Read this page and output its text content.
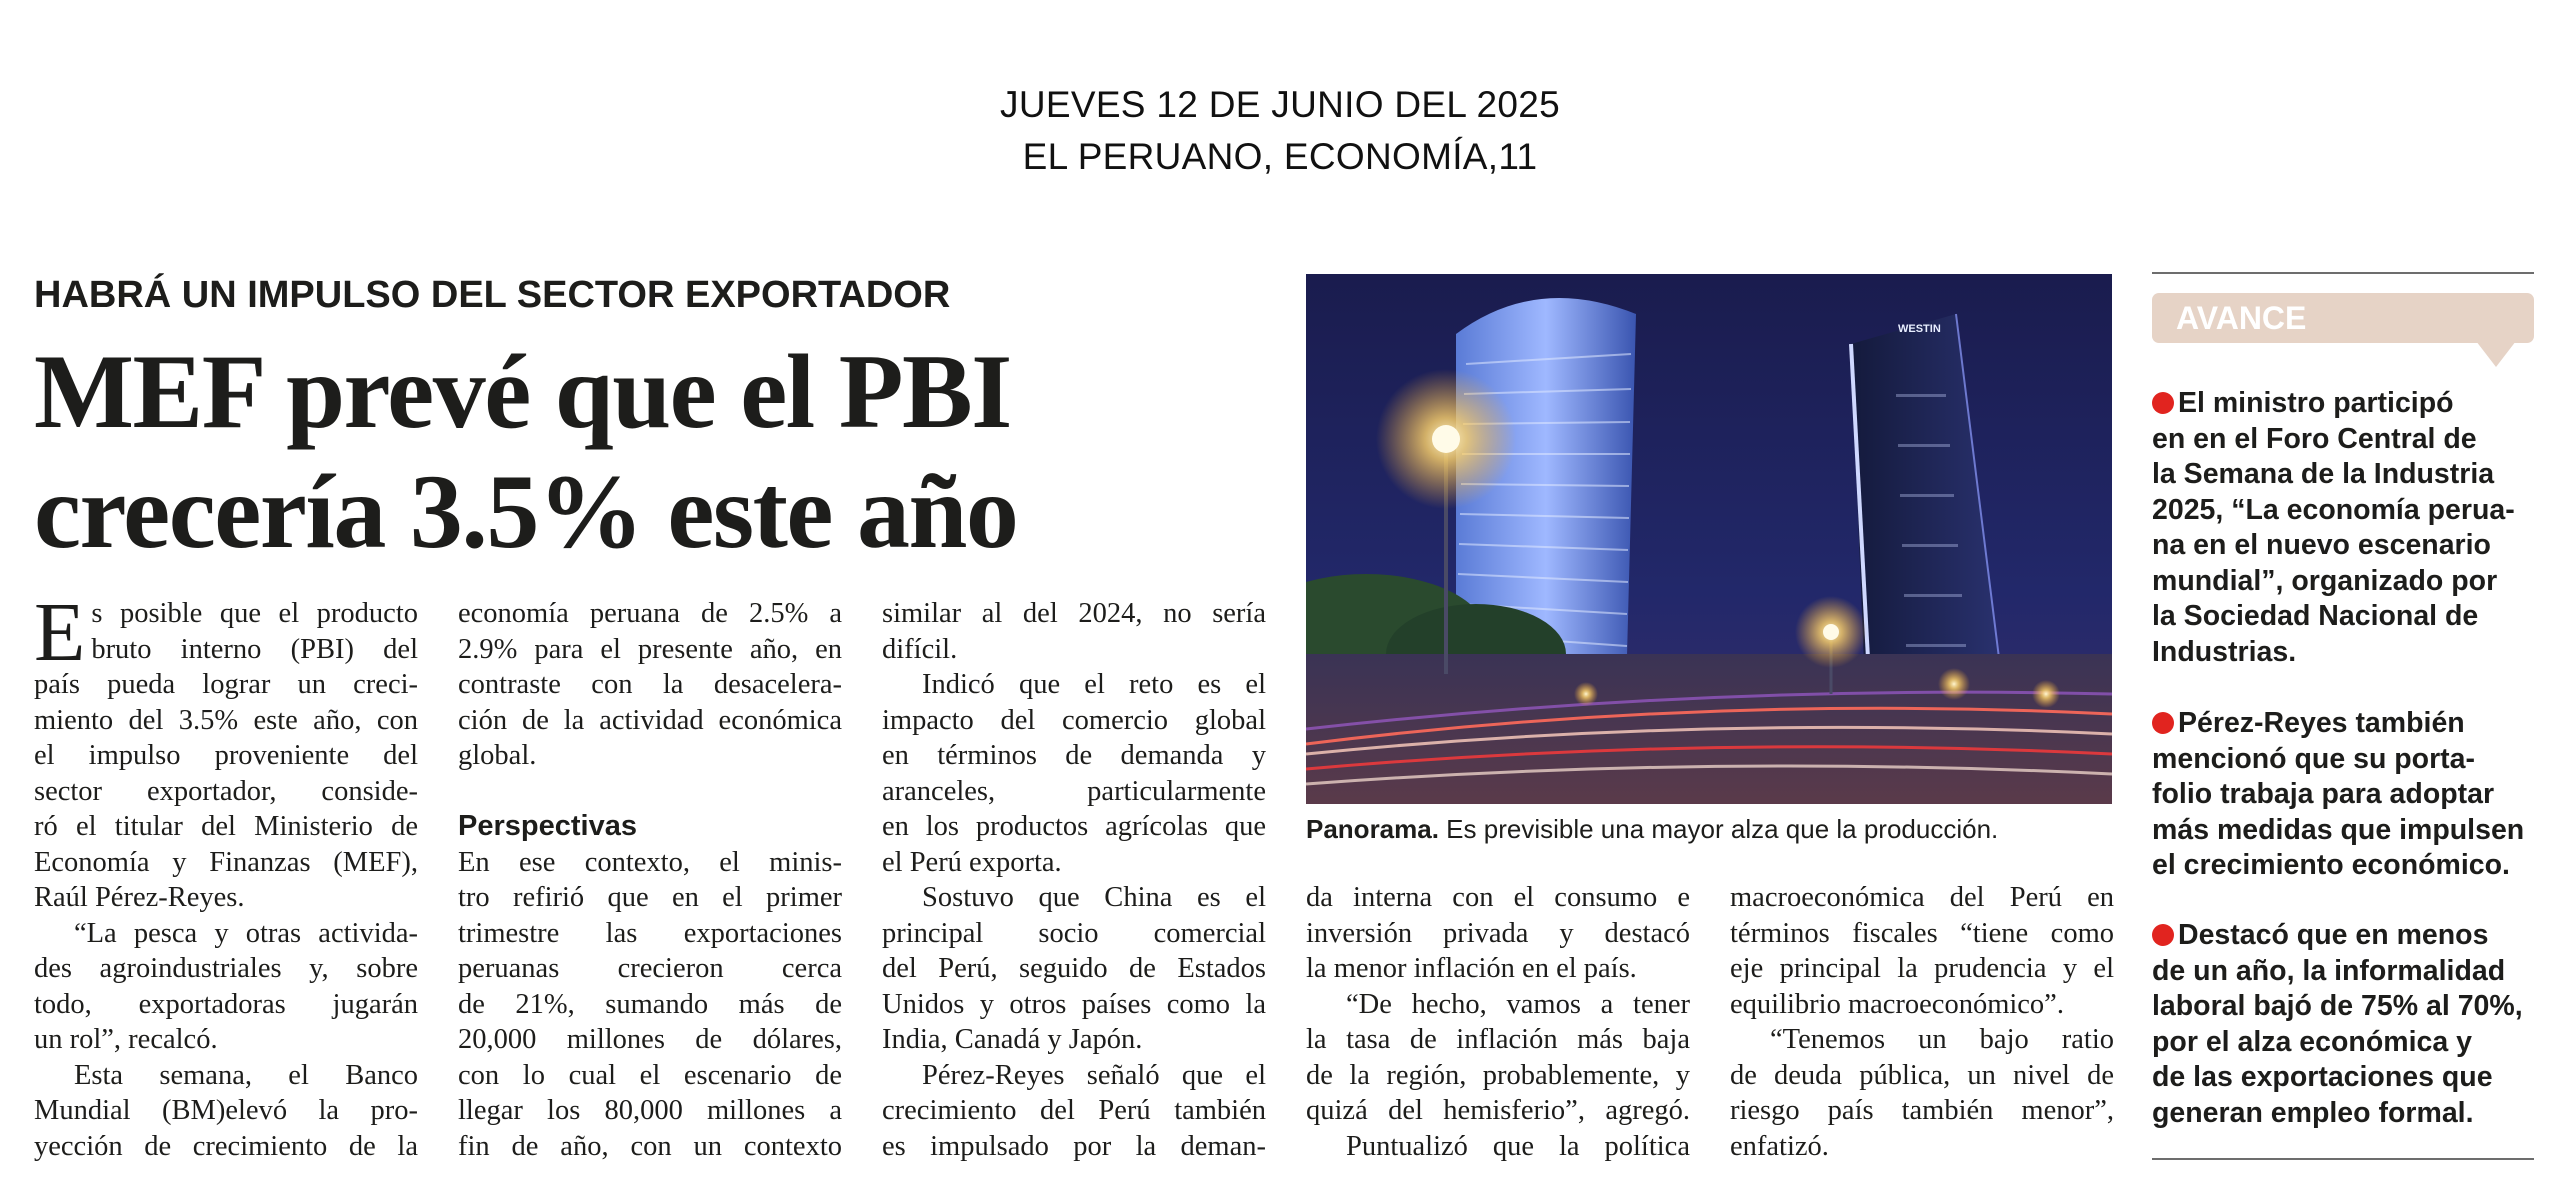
JUEVES 12 DE JUNIO DEL 2025
EL PERUANO, ECONOMÍA,11
HABRÁ UN IMPULSO DEL SECTOR EXPORTADOR
MEF prevé que el PBI
crecería 3.5% este año
E s posible que el producto
bruto interno (PBI) del
país pueda lograr un creci-
miento del 3.5% este año, con
el impulso proveniente del
sector exportador, conside-
ró el titular del Ministerio de
Economía y Finanzas (MEF),
Raúl Pérez-Reyes.
“La pesca y otras activida-
des agroindustriales y, sobre
todo, exportadoras jugarán
un rol”, recalcó.
Esta semana, el Banco
Mundial (BM)elevó la pro-
yección de crecimiento de la
economía peruana de 2.5% a
2.9% para el presente año, en
contraste con la desacelera-
ción de la actividad económica
global.
Perspectivas
En ese contexto, el minis-
tro refirió que en el primer
trimestre las exportaciones
peruanas crecieron cerca
de 21%, sumando más de
20,000 millones de dólares,
con lo cual el escenario de
llegar los 80,000 millones a
fin de año, con un contexto
similar al del 2024, no sería
difícil.
Indicó que el reto es el
impacto del comercio global
en términos de demanda y
aranceles, particularmente
en los productos agrícolas que
el Perú exporta.
Sostuvo que China es el
principal socio comercial
del Perú, seguido de Estados
Unidos y otros países como la
India, Canadá y Japón.
Pérez-Reyes señaló que el
crecimiento del Perú también
es impulsado por la deman-
WESTIN
Panorama. Es previsible una mayor alza que la producción.
da interna con el consumo e
inversión privada y destacó
la menor inflación en el país.
“De hecho, vamos a tener
la tasa de inflación más baja
de la región, probablemente, y
quizá del hemisferio”, agregó.
Puntualizó que la política
macroeconómica del Perú en
términos fiscales “tiene como
eje principal la prudencia y el
equilibrio macroeconómico”.
“Tenemos un bajo ratio
de deuda pública, un nivel de
riesgo país también menor”,
enfatizó.
AVANCE
El ministro participó
en en el Foro Central de
la Semana de la Industria
2025, “La economía perua-
na en el nuevo escenario
mundial”, organizado por
la Sociedad Nacional de
Industrias.
Pérez-Reyes también
mencionó que su porta-
folio trabaja para adoptar
más medidas que impulsen
el crecimiento económico.
Destacó que en menos
de un año, la informalidad
laboral bajó de 75% al 70%,
por el alza económica y
de las exportaciones que
generan empleo formal.
